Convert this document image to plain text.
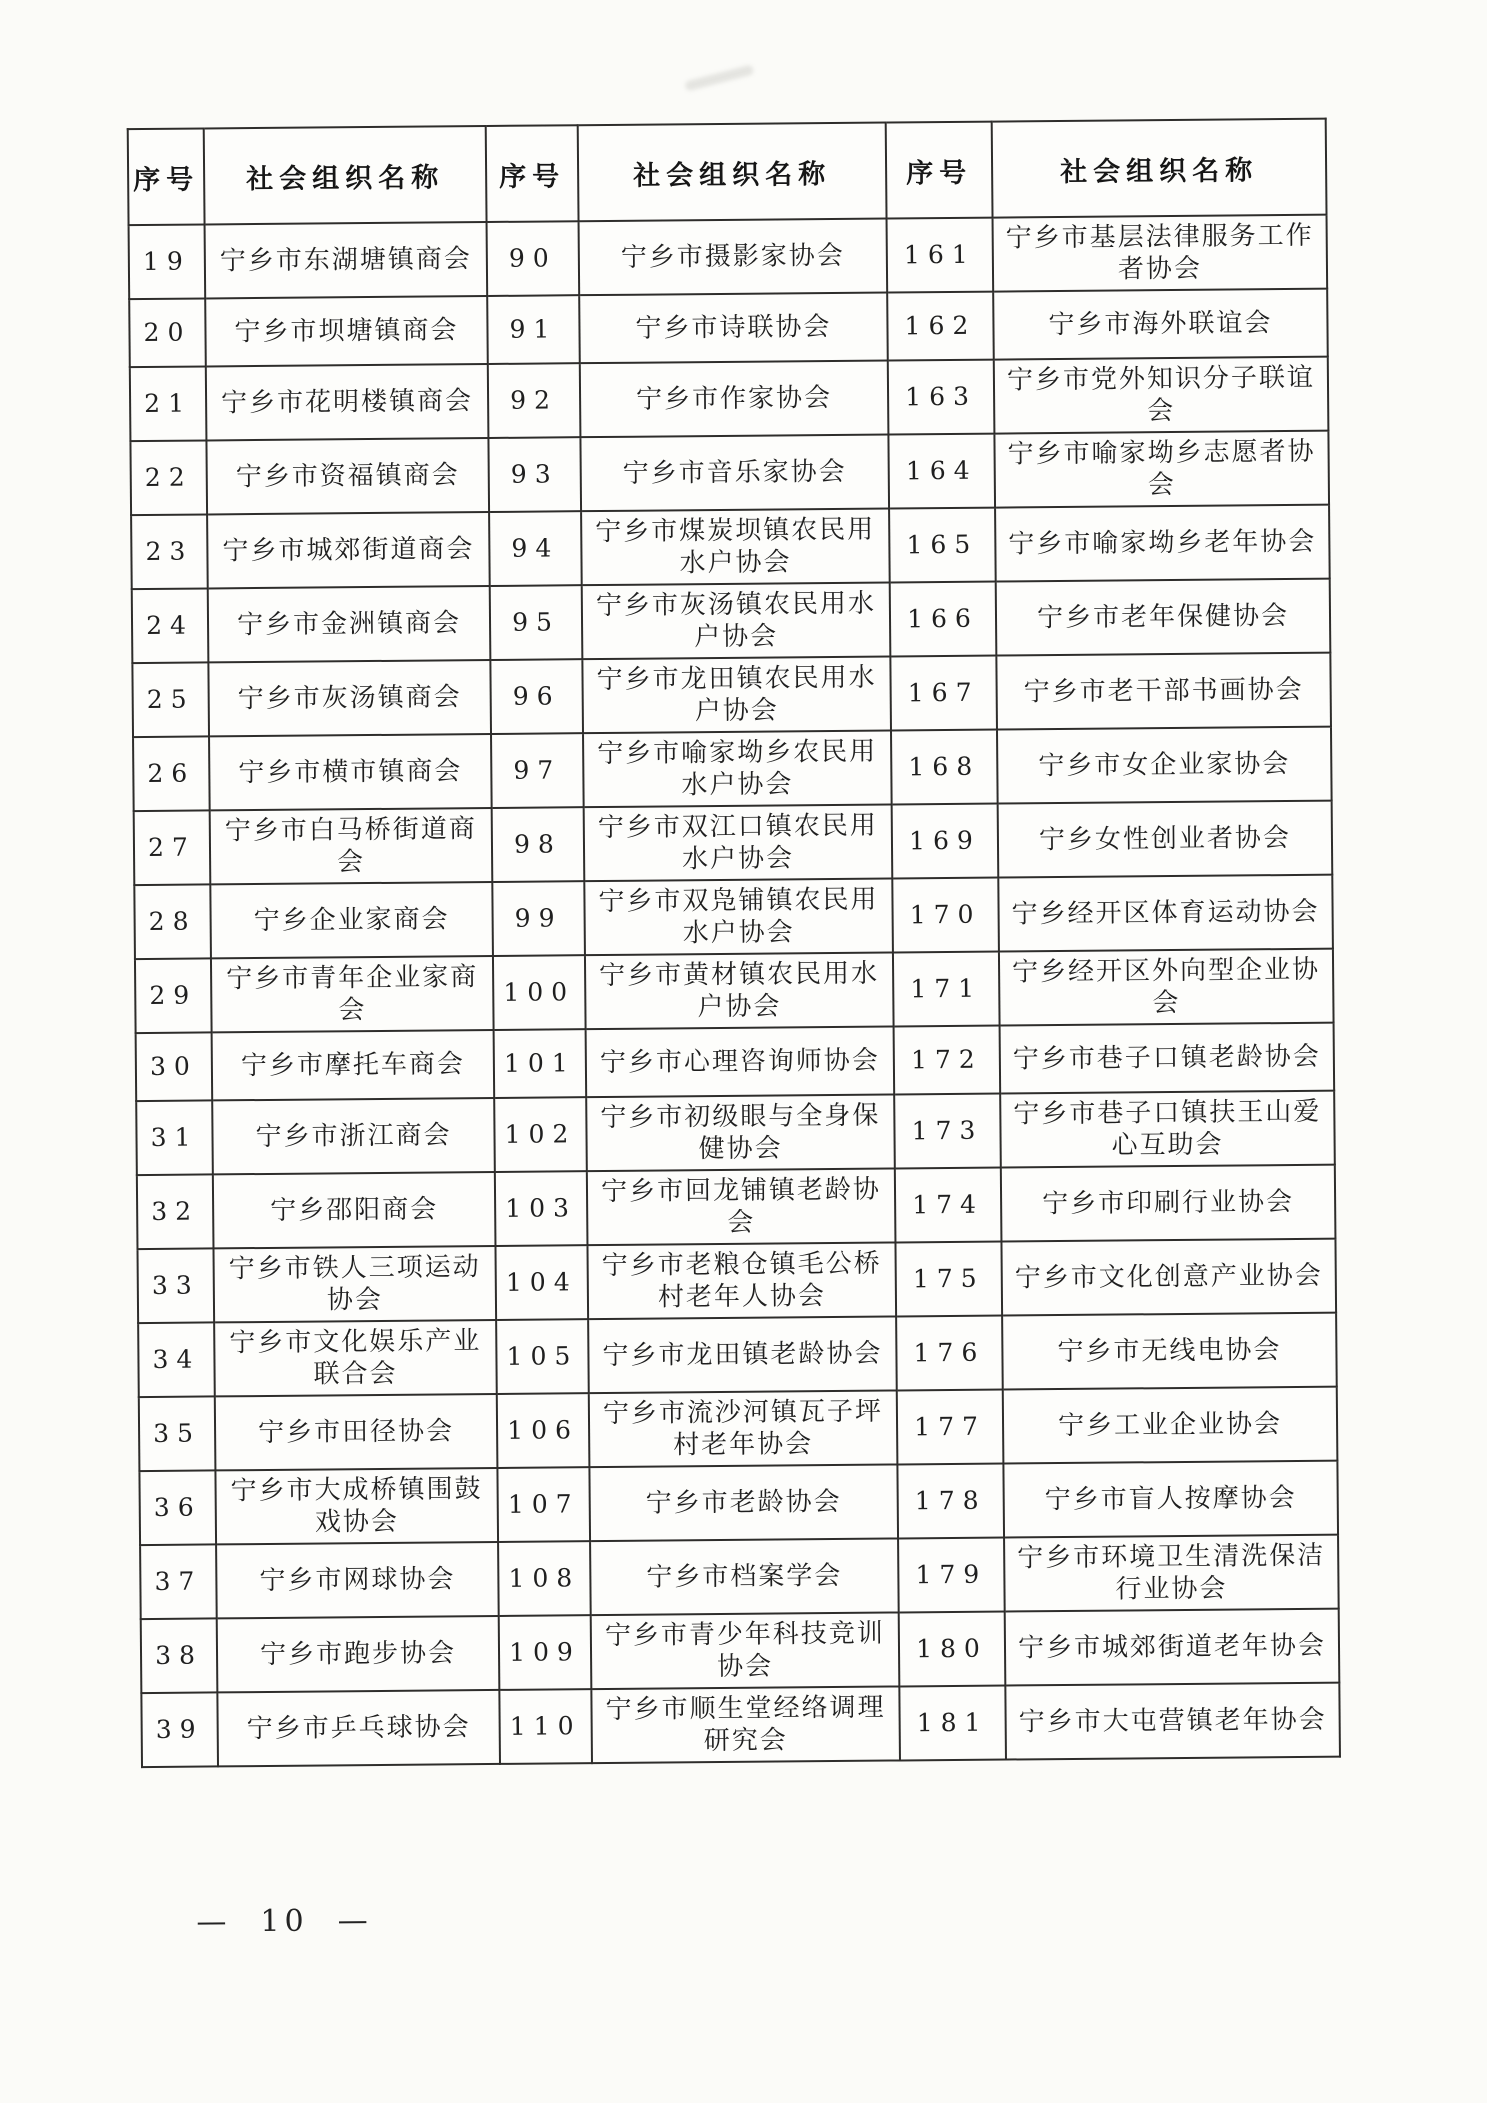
序号	社会组织名称	序号	社会组织名称	序号	社会组织名称
19	宁乡市东湖塘镇商会	90	宁乡市摄影家协会	161	宁乡市基层法律服务工作者协会
20	宁乡市坝塘镇商会	91	宁乡市诗联协会	162	宁乡市海外联谊会
21	宁乡市花明楼镇商会	92	宁乡市作家协会	163	宁乡市党外知识分子联谊会
22	宁乡市资福镇商会	93	宁乡市音乐家协会	164	宁乡市喻家坳乡志愿者协会
23	宁乡市城郊街道商会	94	宁乡市煤炭坝镇农民用水户协会	165	宁乡市喻家坳乡老年协会
24	宁乡市金洲镇商会	95	宁乡市灰汤镇农民用水户协会	166	宁乡市老年保健协会
25	宁乡市灰汤镇商会	96	宁乡市龙田镇农民用水户协会	167	宁乡市老干部书画协会
26	宁乡市横市镇商会	97	宁乡市喻家坳乡农民用水户协会	168	宁乡市女企业家协会
27	宁乡市白马桥街道商会	98	宁乡市双江口镇农民用水户协会	169	宁乡女性创业者协会
28	宁乡企业家商会	99	宁乡市双凫铺镇农民用水户协会	170	宁乡经开区体育运动协会
29	宁乡市青年企业家商会	100	宁乡市黄材镇农民用水户协会	171	宁乡经开区外向型企业协会
30	宁乡市摩托车商会	101	宁乡市心理咨询师协会	172	宁乡市巷子口镇老龄协会
31	宁乡市浙江商会	102	宁乡市初级眼与全身保健协会	173	宁乡市巷子口镇扶王山爱心互助会
32	宁乡邵阳商会	103	宁乡市回龙铺镇老龄协会	174	宁乡市印刷行业协会
33	宁乡市铁人三项运动协会	104	宁乡市老粮仓镇毛公桥村老年人协会	175	宁乡市文化创意产业协会
34	宁乡市文化娱乐产业联合会	105	宁乡市龙田镇老龄协会	176	宁乡市无线电协会
35	宁乡市田径协会	106	宁乡市流沙河镇瓦子坪村老年协会	177	宁乡工业企业协会
36	宁乡市大成桥镇围鼓戏协会	107	宁乡市老龄协会	178	宁乡市盲人按摩协会
37	宁乡市网球协会	108	宁乡市档案学会	179	宁乡市环境卫生清洗保洁行业协会
38	宁乡市跑步协会	109	宁乡市青少年科技竞训协会	180	宁乡市城郊街道老年协会
39	宁乡市乒乓球协会	110	宁乡市顺生堂经络调理研究会	181	宁乡市大屯营镇老年协会
—  10  —
